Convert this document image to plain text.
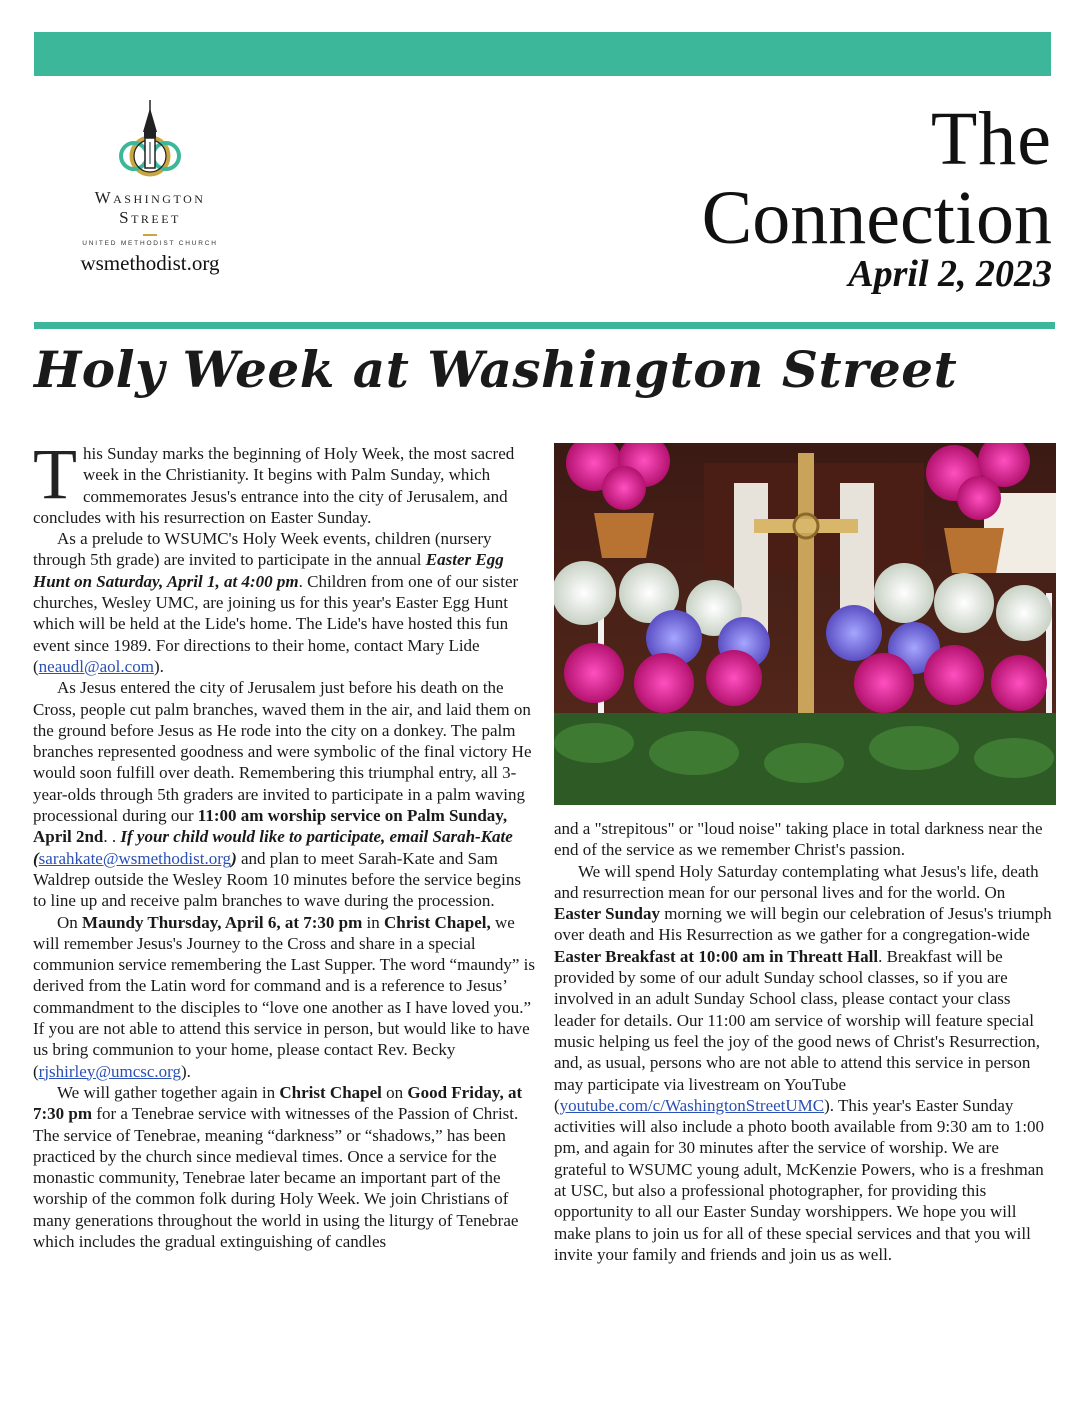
Washington
Street
UNITED METHODIST CHURCH
wsmethodist.org
The
Connection
April 2, 2023
Holy Week at Washington Street

This Sunday marks the beginning of Holy Week, the most sacred week in the Christianity. It begins with Palm Sunday, which commemorates Jesus's entrance into the city of Jerusalem, and concludes with his resurrection on Easter Sunday.

As a prelude to WSUMC's Holy Week events, children (nursery through 5th grade) are invited to participate in the annual Easter Egg Hunt on Saturday, April 1, at 4:00 pm. Children from one of our sister churches, Wesley UMC, are joining us for this year's Easter Egg Hunt which will be held at the Lide's home. The Lide's have hosted this fun event since 1989. For directions to their home, contact Mary Lide (neaudl@aol.com).

As Jesus entered the city of Jerusalem just before his death on the Cross, people cut palm branches, waved them in the air, and laid them on the ground before Jesus as He rode into the city on a donkey. The palm branches represented goodness and were symbolic of the final victory He would soon fulfill over death. Remembering this triumphal entry, all 3-year-olds through 5th graders are invited to participate in a palm waving processional during our 11:00 am worship service on Palm Sunday, April 2nd. . If your child would like to participate, email Sarah-Kate (sarahkate@wsmethodist.org) and plan to meet Sarah-Kate and Sam Waldrep outside the Wesley Room 10 minutes before the service begins to line up and receive palm branches to wave during the procession.

On Maundy Thursday, April 6, at 7:30 pm in Christ Chapel, we will remember Jesus's Journey to the Cross and share in a special communion service remembering the Last Supper. The word “maundy” is derived from the Latin word for command and is a reference to Jesus’ commandment to the disciples to “love one another as I have loved you.” If you are not able to attend this service in person, but would like to have us bring communion to your home, please contact Rev. Becky (rjshirley@umcsc.org).

We will gather together again in Christ Chapel on Good Friday, at 7:30 pm for a Tenebrae service with witnesses of the Passion of Christ. The service of Tenebrae, meaning “darkness” or “shadows,” has been practiced by the church since medieval times. Once a service for the monastic community, Tenebrae later became an important part of the worship of the common folk during Holy Week. We join Christians of many generations throughout the world in using the liturgy of Tenebrae which includes the gradual extinguishing of candles

and a "strepitous" or "loud noise" taking place in total darkness near the end of the service as we remember Christ's passion.

We will spend Holy Saturday contemplating what Jesus's life, death and resurrection mean for our personal lives and for the world. On Easter Sunday morning we will begin our celebration of Jesus's triumph over death and His Resurrection as we gather for a congregation-wide Easter Breakfast at 10:00 am in Threatt Hall. Breakfast will be provided by some of our adult Sunday school classes, so if you are involved in an adult Sunday School class, please contact your class leader for details. Our 11:00 am service of worship will feature special music helping us feel the joy of the good news of Christ's Resurrection, and, as usual, persons who are not able to attend this service in person may participate via livestream on YouTube (youtube.com/c/WashingtonStreetUMC). This year's Easter Sunday activities will also include a photo booth available from 9:30 am to 1:00 pm, and again for 30 minutes after the service of worship. We are grateful to WSUMC young adult, McKenzie Powers, who is a freshman at USC, but also a professional photographer, for providing this opportunity to all our Easter Sunday worshippers. We hope you will make plans to join us for all of these special services and that you will invite your family and friends and join us as well.
